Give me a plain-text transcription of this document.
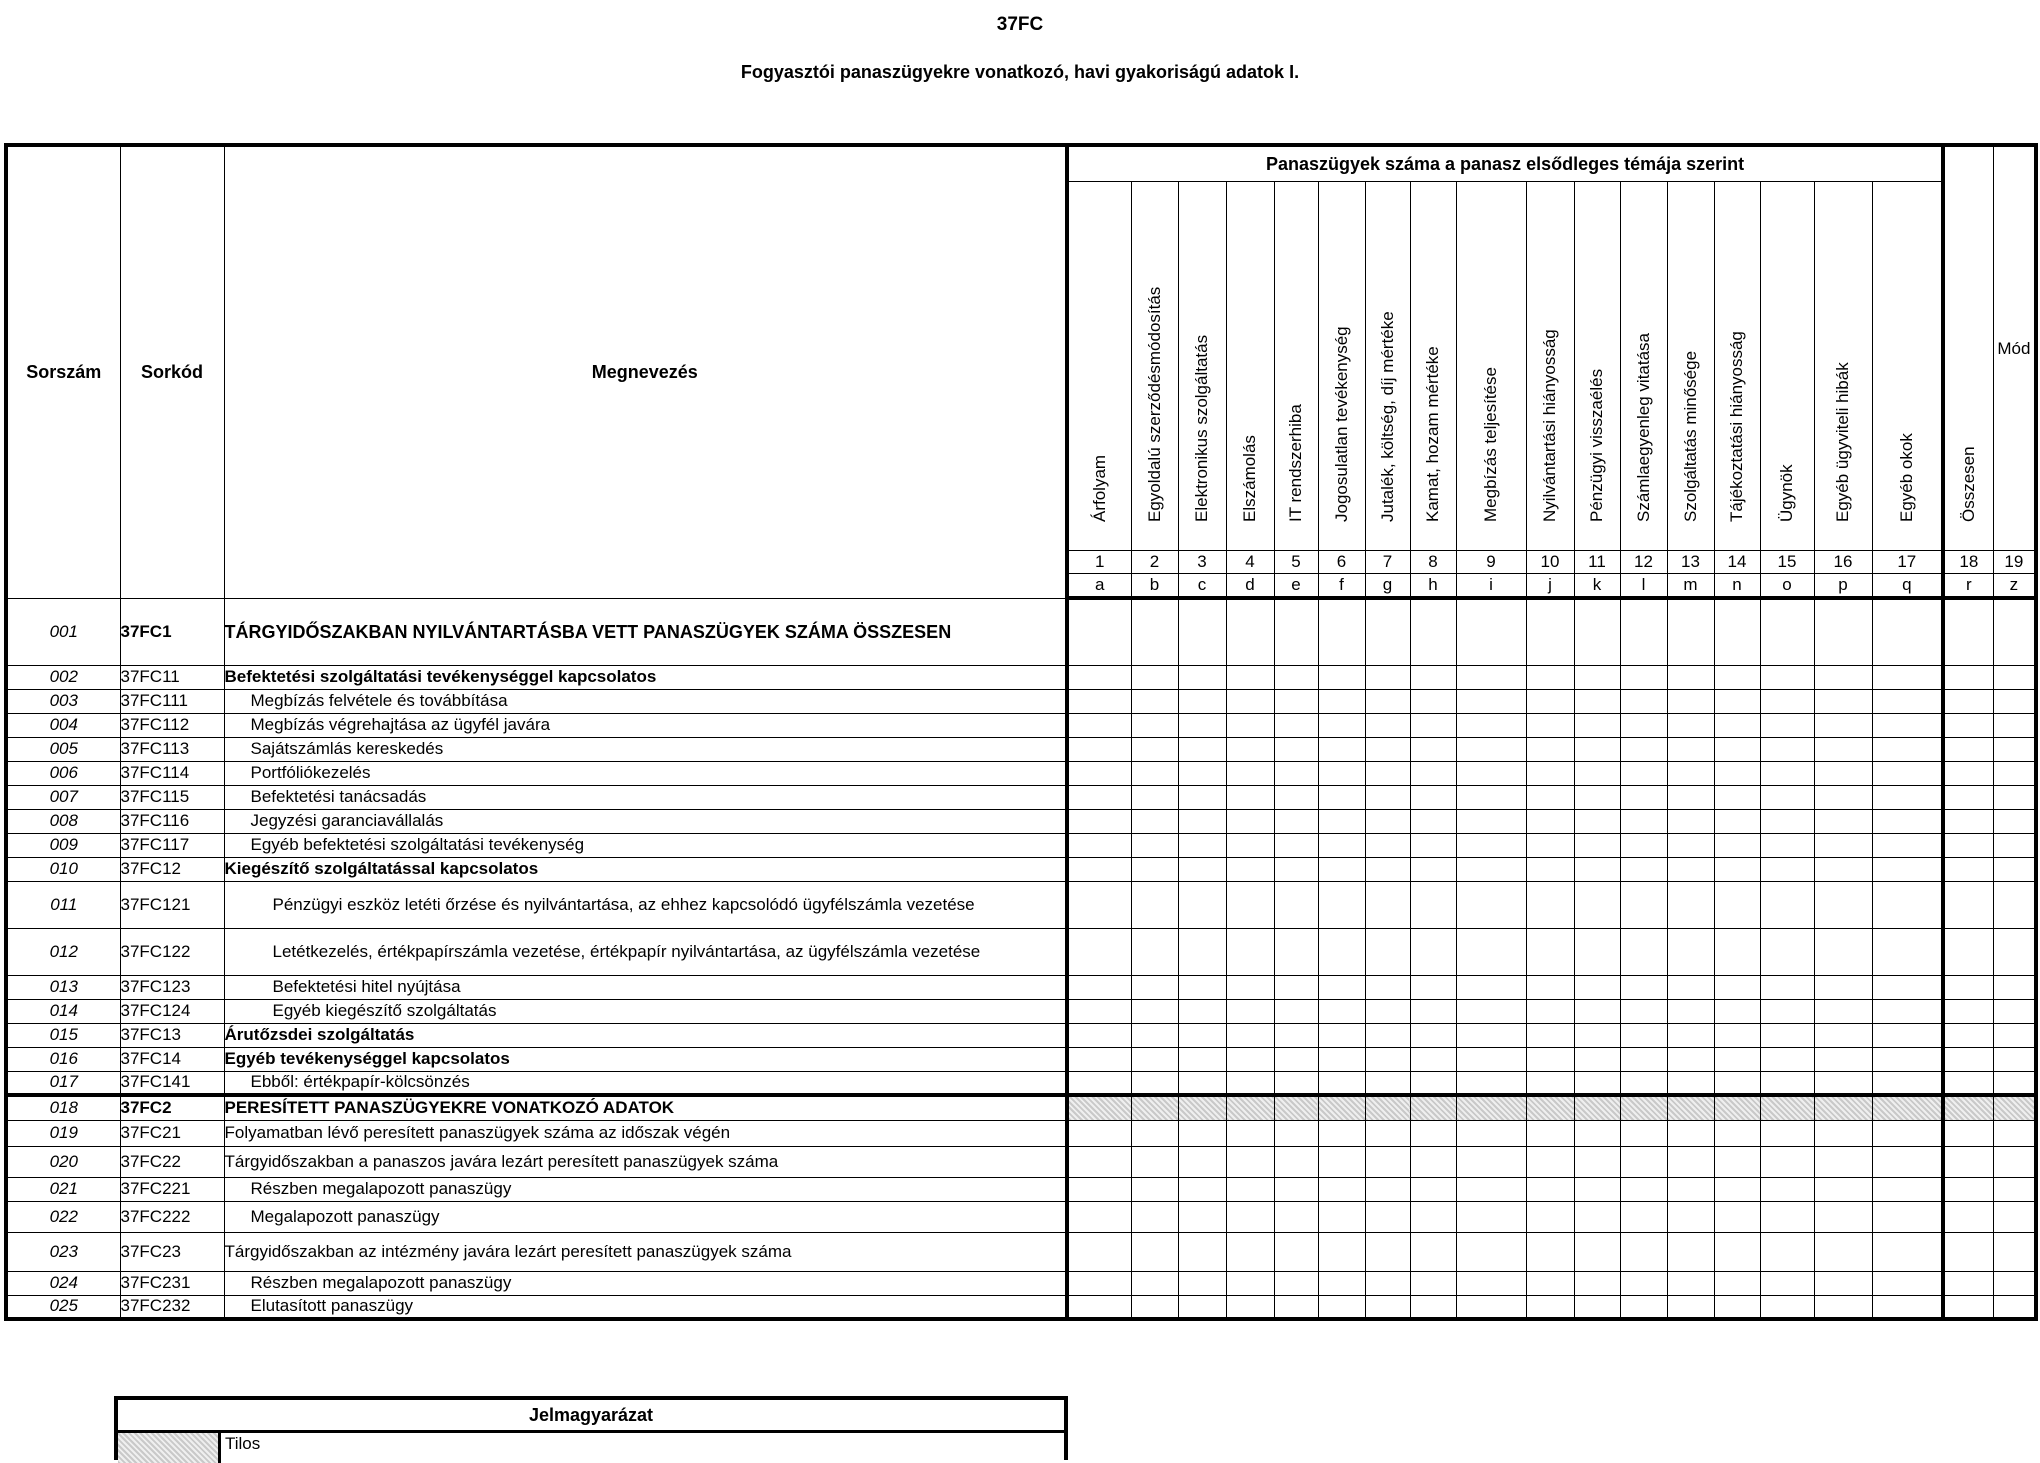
37FC
Fogyasztói panaszügyekre vonatkozó, havi gyakoriságú adatok I.
Sorszám	Sorkód	Megnevezés	Panaszügyek száma a panasz elsődleges témája szerint																	Összesen	Mód

			Árfolyam	Egyoldalú szerződésmódosítás	Elektronikus szolgáltatás	Elszámolás	IT rendszerhiba	Jogosulatlan tevékenység	Jutalék, költség, díj mértéke	Kamat, hozam mértéke	Megbízás teljesítése	Nyilvántartási hiányosság	Pénzügyi visszaélés	Számlaegyenleg vitatása	Szolgáltatás minősége	Tájékoztatási hiányosság	Ügynök	Egyéb ügyviteli hibák	Egyéb okok		

			1	2	3	4	5	6	7	8	9	10	11	12	13	14	15	16	17	18	19
			a	b	c	d	e	f	g	h	i	j	k	l	m	n	o	p	q	r	z
001	37FC1	TÁRGYIDŐSZAKBAN NYILVÁNTARTÁSBA VETT PANASZÜGYEK SZÁMA ÖSSZESEN																			
002	37FC11	Befektetési szolgáltatási tevékenységgel kapcsolatos																			
003	37FC111	Megbízás felvétele és továbbítása																			
004	37FC112	Megbízás végrehajtása az ügyfél javára																			
005	37FC113	Sajátszámlás kereskedés																			
006	37FC114	Portfóliókezelés																			
007	37FC115	Befektetési tanácsadás																			
008	37FC116	Jegyzési garanciavállalás																			
009	37FC117	Egyéb befektetési szolgáltatási tevékenység																			
010	37FC12	Kiegészítő szolgáltatással kapcsolatos																			
011	37FC121	Pénzügyi eszköz letéti őrzése és nyilvántartása, az ehhez kapcsolódó ügyfélszámla vezetése																			
012	37FC122	Letétkezelés, értékpapírszámla vezetése, értékpapír nyilvántartása, az ügyfélszámla vezetése																			
013	37FC123	Befektetési hitel nyújtása																			
014	37FC124	Egyéb kiegészítő szolgáltatás																			
015	37FC13	Árutőzsdei szolgáltatás																			
016	37FC14	Egyéb tevékenységgel kapcsolatos																			
017	37FC141	Ebből: értékpapír-kölcsönzés																			
018	37FC2	PERESÍTETT PANASZÜGYEKRE VONATKOZÓ ADATOK																			
019	37FC21	Folyamatban lévő peresített panaszügyek száma az időszak végén																			
020	37FC22	Tárgyidőszakban a panaszos javára lezárt peresített panaszügyek száma																			
021	37FC221	Részben megalapozott panaszügy																			
022	37FC222	Megalapozott panaszügy																			
023	37FC23	Tárgyidőszakban az intézmény javára lezárt peresített panaszügyek száma																			
024	37FC231	Részben megalapozott panaszügy																			
025	37FC232	Elutasított panaszügy																			
Jelmagyarázat
Tilos
